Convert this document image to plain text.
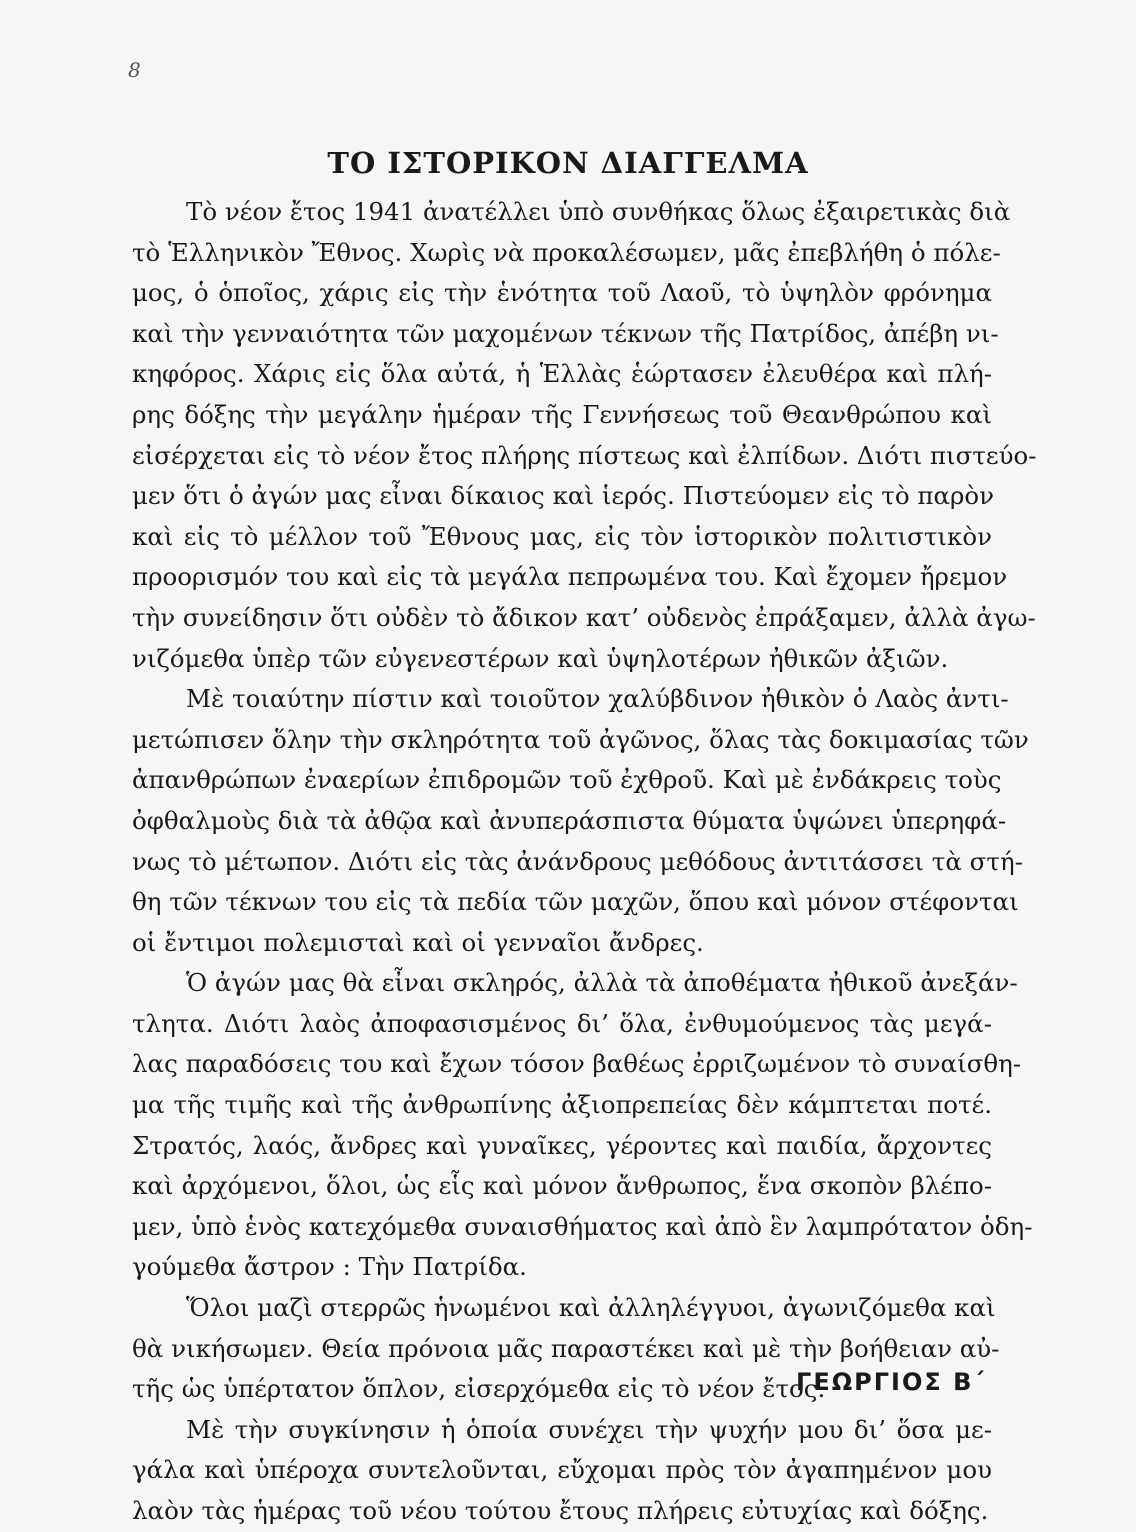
8
ΤΟ ΙΣΤΟΡΙΚΟΝ ΔΙΑΓΓΕΛΜΑ
Τὸ νέον ἔτος 1941 ἀνατέλλει ὑπὸ συνθήκας ὅλως ἐξαιρετικὰς διὰ
τὸ Ἑλληνικὸν Ἔθνος. Χωρὶς νὰ προκαλέσωμεν, μᾶς ἐπεβλήθη ὁ πόλε-
μος, ὁ ὁποῖος, χάρις εἰς τὴν ἑνότητα τοῦ Λαοῦ, τὸ ὑψηλὸν φρόνημα
καὶ τὴν γενναιότητα τῶν μαχομένων τέκνων τῆς Πατρίδος, ἀπέβη νι-
κηφόρος. Χάρις εἰς ὅλα αὐτά, ἡ Ἑλλὰς ἑώρτασεν ἐλευθέρα καὶ πλή-
ρης δόξης τὴν μεγάλην ἡμέραν τῆς Γεννήσεως τοῦ Θεανθρώπου καὶ
εἰσέρχεται εἰς τὸ νέον ἔτος πλήρης πίστεως καὶ ἐλπίδων. Διότι πιστεύο-
μεν ὅτι ὁ ἀγών μας εἶναι δίκαιος καὶ ἱερός. Πιστεύομεν εἰς τὸ παρὸν
καὶ εἰς τὸ μέλλον τοῦ Ἔθνους μας, εἰς τὸν ἱστορικὸν πολιτιστικὸν
προορισμόν του καὶ εἰς τὰ μεγάλα πεπρωμένα του. Καὶ ἔχομεν ἤρεμον
τὴν συνείδησιν ὅτι οὐδὲν τὸ ἄδικον κατ’ οὐδενὸς ἐπράξαμεν, ἀλλὰ ἀγω-
νιζόμεθα ὑπὲρ τῶν εὐγενεστέρων καὶ ὑψηλοτέρων ἠθικῶν ἀξιῶν.
Μὲ τοιαύτην πίστιν καὶ τοιοῦτον χαλύβδινον ἠθικὸν ὁ Λαὸς ἀντι-
μετώπισεν ὅλην τὴν σκληρότητα τοῦ ἀγῶνος, ὅλας τὰς δοκιμασίας τῶν
ἀπανθρώπων ἐναερίων ἐπιδρομῶν τοῦ ἐχθροῦ. Καὶ μὲ ἐνδάκρεις τοὺς
ὀφθαλμοὺς διὰ τὰ ἀθῷα καὶ ἀνυπεράσπιστα θύματα ὑψώνει ὑπερηφά-
νως τὸ μέτωπον. Διότι εἰς τὰς ἀνάνδρους μεθόδους ἀντιτάσσει τὰ στή-
θη τῶν τέκνων του εἰς τὰ πεδία τῶν μαχῶν, ὅπου καὶ μόνον στέφονται
οἱ ἔντιμοι πολεμισταὶ καὶ οἱ γενναῖοι ἄνδρες.
Ὁ ἀγών μας θὰ εἶναι σκληρός, ἀλλὰ τὰ ἀποθέματα ἠθικοῦ ἀνεξάν-
τλητα. Διότι λαὸς ἀποφασισμένος δι’ ὅλα, ἐνθυμούμενος τὰς μεγά-
λας παραδόσεις του καὶ ἔχων τόσον βαθέως ἐρριζωμένον τὸ συναίσθη-
μα τῆς τιμῆς καὶ τῆς ἀνθρωπίνης ἀξιοπρεπείας δὲν κάμπτεται ποτέ.
Στρατός, λαός, ἄνδρες καὶ γυναῖκες, γέροντες καὶ παιδία, ἄρχοντες
καὶ ἀρχόμενοι, ὅλοι, ὡς εἷς καὶ μόνον ἄνθρωπος, ἕνα σκοπὸν βλέπο-
μεν, ὑπὸ ἑνὸς κατεχόμεθα συναισθήματος καὶ ἀπὸ ἓν λαμπρότατον ὁδη-
γούμεθα ἄστρον : Τὴν Πατρίδα.
Ὅλοι μαζὶ στερρῶς ἡνωμένοι καὶ ἀλληλέγγυοι, ἀγωνιζόμεθα καὶ
θὰ νικήσωμεν. Θεία πρόνοια μᾶς παραστέκει καὶ μὲ τὴν βοήθειαν αὐ-
τῆς ὡς ὑπέρτατον ὅπλον, εἰσερχόμεθα εἰς τὸ νέον ἔτος.
Μὲ τὴν συγκίνησιν ἡ ὁποία συνέχει τὴν ψυχήν μου δι’ ὅσα με-
γάλα καὶ ὑπέροχα συντελοῦνται, εὔχομαι πρὸς τὸν ἀγαπημένον μου
λαὸν τὰς ἡμέρας τοῦ νέου τούτου ἔτους πλήρεις εὐτυχίας καὶ δόξης.
ΓΕΩΡΓΙΟΣ Β΄
